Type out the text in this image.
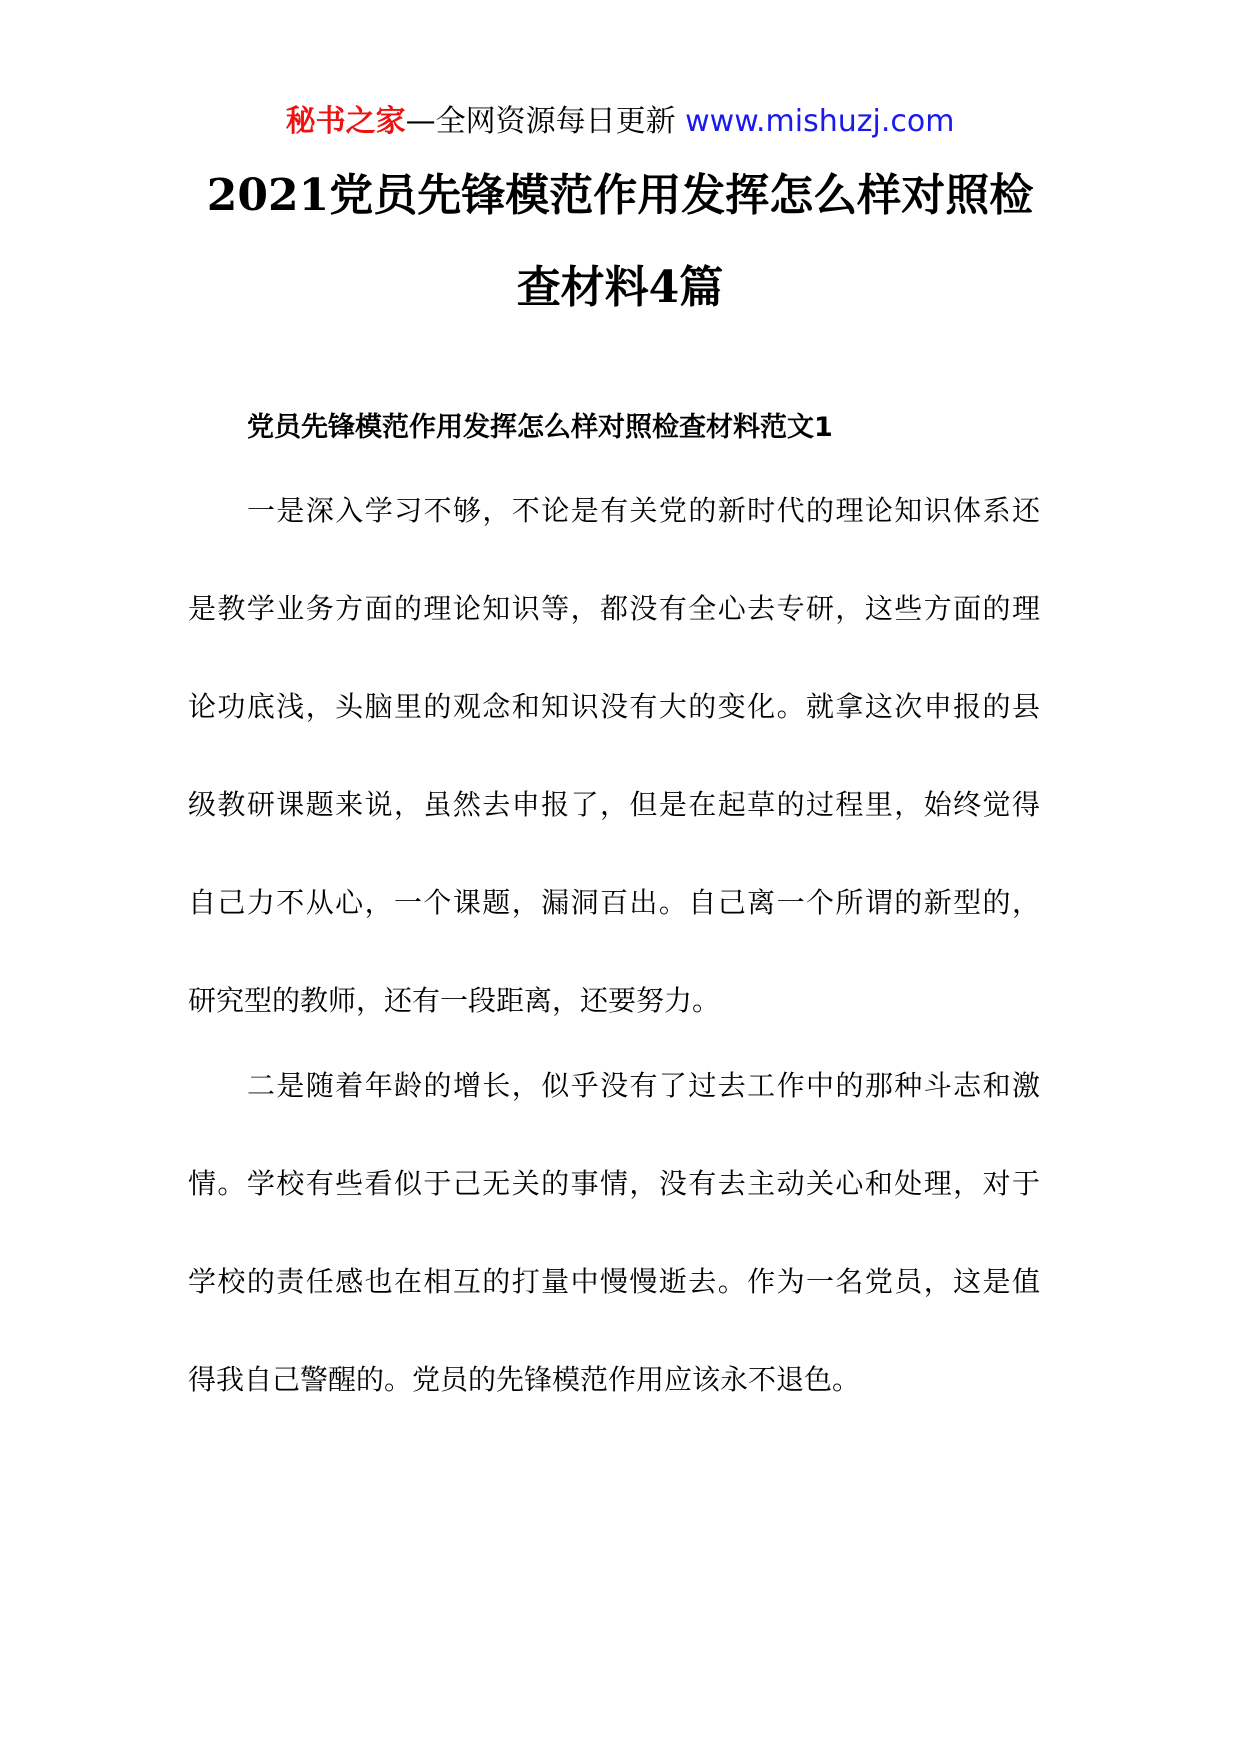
秘书之家—全网资源每日更新 www.mishuzj.com
2021党员先锋模范作用发挥怎么样对照检
查材料4篇
党员先锋模范作用发挥怎么样对照检查材料范文1
一是深入学习不够，不论是有关党的新时代的理论知识体系还
是教学业务方面的理论知识等，都没有全心去专研，这些方面的理
论功底浅，头脑里的观念和知识没有大的变化。就拿这次申报的县
级教研课题来说，虽然去申报了，但是在起草的过程里，始终觉得
自己力不从心，一个课题，漏洞百出。自己离一个所谓的新型的，
研究型的教师，还有一段距离，还要努力。
二是随着年龄的增长，似乎没有了过去工作中的那种斗志和激
情。学校有些看似于己无关的事情，没有去主动关心和处理，对于
学校的责任感也在相互的打量中慢慢逝去。作为一名党员，这是值
得我自己警醒的。党员的先锋模范作用应该永不退色。
